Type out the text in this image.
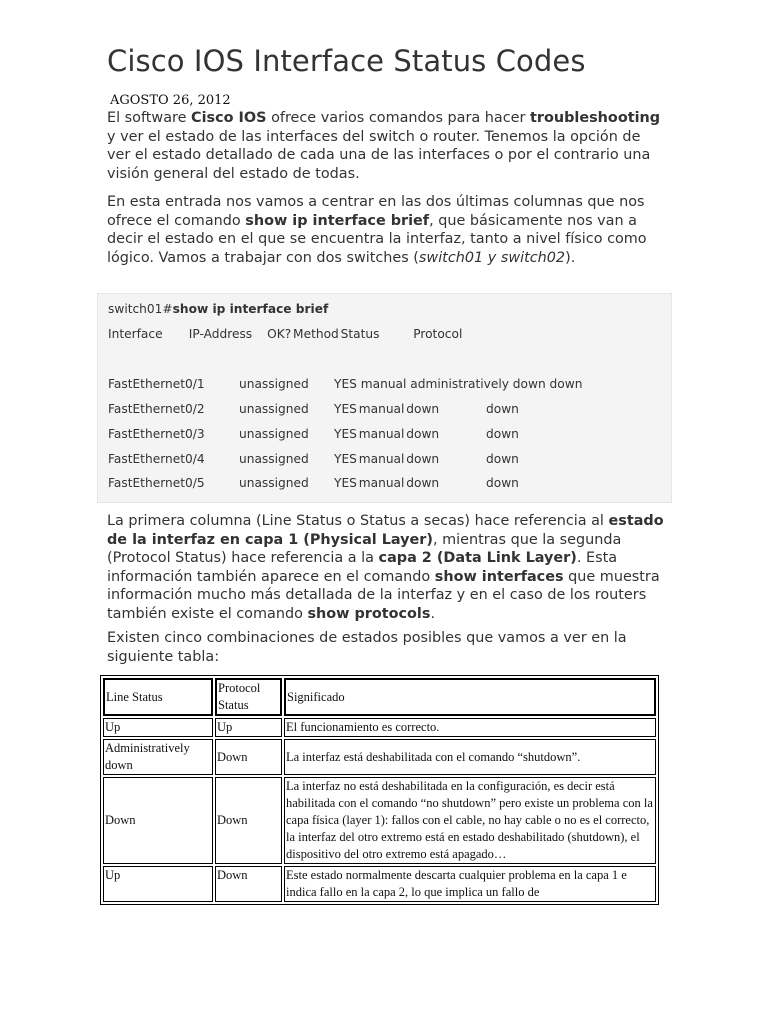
Cisco IOS Interface Status Codes
AGOSTO 26, 2012

El software Cisco IOS ofrece varios comandos para hacer troubleshooting y ver el estado de las interfaces del switch o router. Tenemos la opción de ver el estado detallado de cada una de las interfaces o por el contrario una visión general del estado de todas.

En esta entrada nos vamos a centrar en las dos últimas columnas que nos ofrece el comando show ip interface brief, que básicamente nos van a decir el estado en el que se encuentra la interfaz, tanto a nivel físico como lógico. Vamos a trabajar con dos switches (switch01 y switch02).

switch01#show ip interface brief
Interface              IP-Address        OK? Method Status                  Protocol
FastEthernet0/1	unassigned YES manual administratively down down
FastEthernet0/2	unassigned YES manual down                         down
FastEthernet0/3	unassigned YES manual down                         down
FastEthernet0/4	unassigned YES manual down                         down
FastEthernet0/5	unassigned YES manual down                         down

La primera columna (Line Status o Status a secas) hace referencia al estado de la interfaz en capa 1 (Physical Layer), mientras que la segunda (Protocol Status) hace referencia a la capa 2 (Data Link Layer). Esta información también aparece en el comando show interfaces que muestra información mucho más detallada de la interfaz y en el caso de los routers también existe el comando show protocols.

Existen cinco combinaciones de estados posibles que vamos a ver en la siguiente tabla:

Line Status	Protocol Status	Significado
Up	Up	El funcionamiento es correcto.
Administratively down	Down	La interfaz está deshabilitada con el comando “shutdown”.
Down	Down	La interfaz no está deshabilitada en la configuración, es decir está habilitada con el comando “no shutdown” pero existe un problema con la capa física (layer 1): fallos con el cable, no hay cable o no es el correcto, la interfaz del otro extremo está en estado deshabilitado (shutdown), el dispositivo del otro extremo está apagado…
Up	Down	Este estado normalmente descarta cualquier problema en la capa 1 e indica fallo en la capa 2, lo que implica un fallo de
